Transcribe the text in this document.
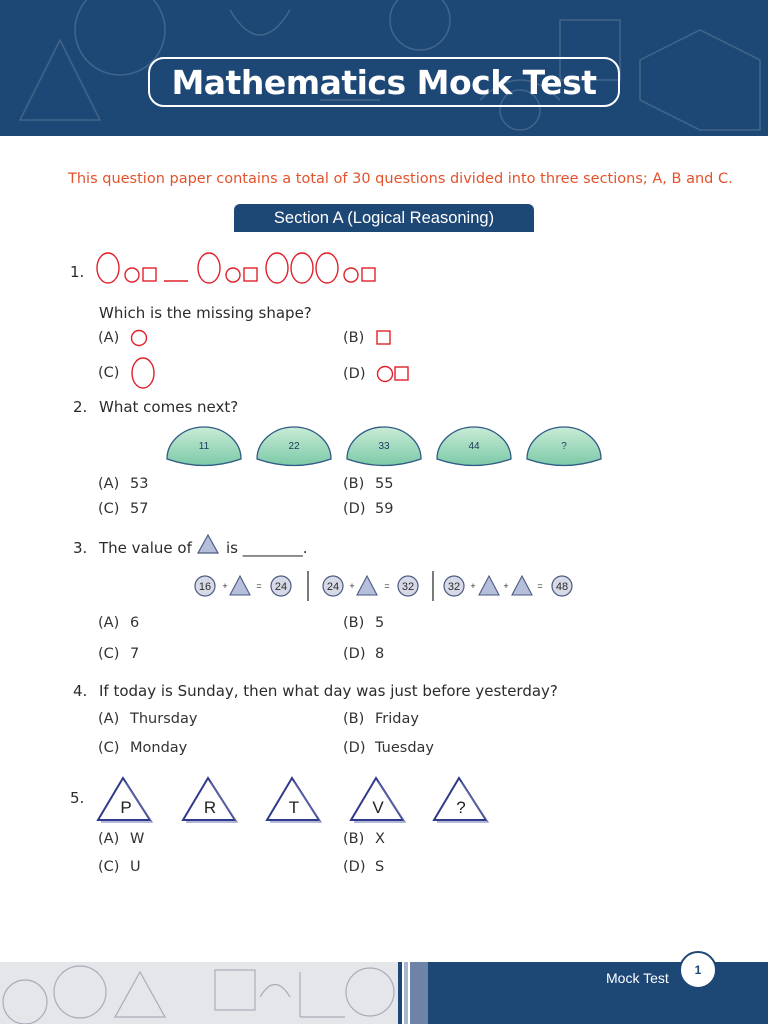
Mathematics Mock Test
This question paper contains a total of 30 questions divided into three sections; A, B and C.
Section A (Logical Reasoning)
1.
Which is the missing shape?
(A)	(B)
(C)	(D)
2. What comes next?
11	22	33	44	?
(A) 53	(B) 55
(C) 57	(D) 59
3. The value of is ________.
16 +	= 24	24 +	= 32	32 +	+	= 48
(A) 6	(B) 5
(C) 7	(D) 8
4. If today is Sunday, then what day was just before yesterday?
(A) Thursday	(B) Friday
(C) Monday	(D) Tuesday
5. P	R	T	V	?
(A) W	(B) X
(C) U	(D) S
Mock Test	1
